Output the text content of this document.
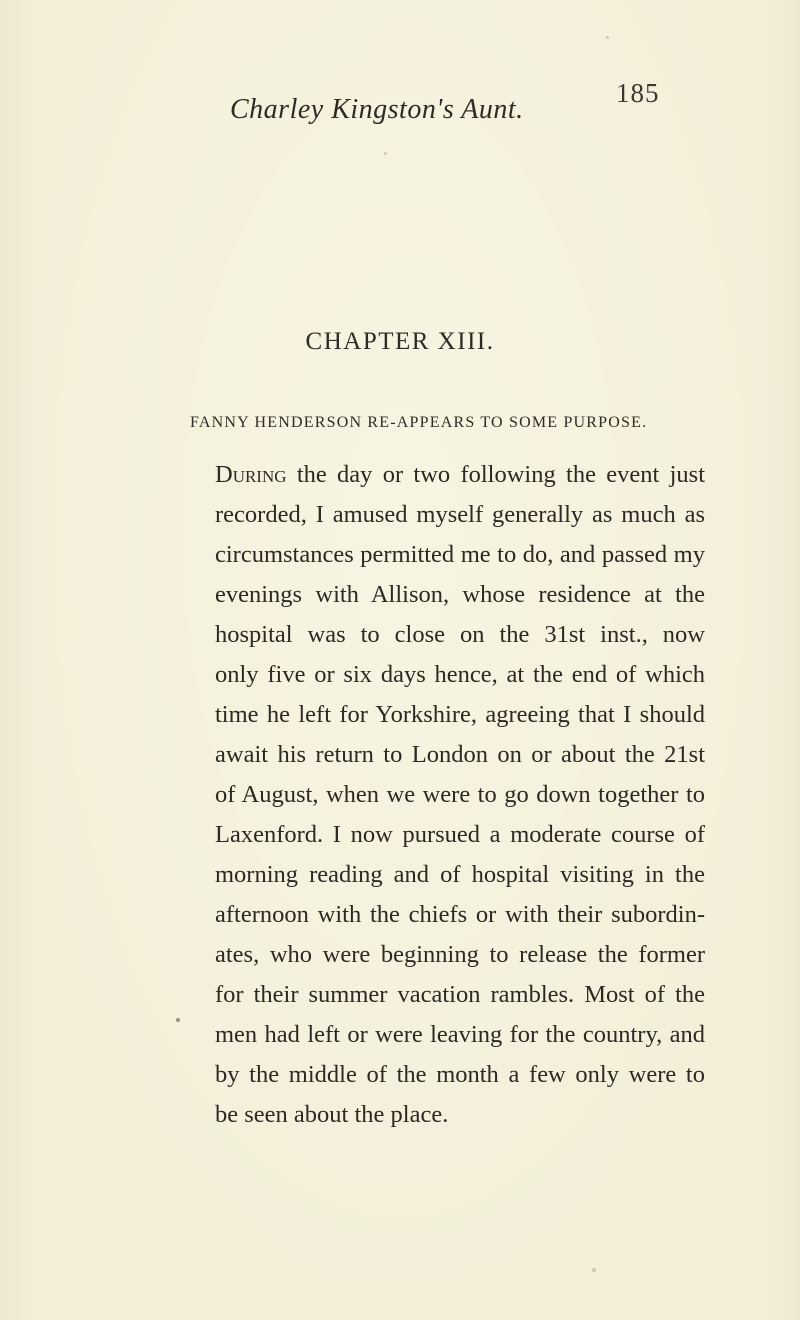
Charley Kingston's Aunt.
185
CHAPTER XIII.
FANNY HENDERSON RE-APPEARS TO SOME PURPOSE.
During the day or two following the event just
recorded, I amused myself generally as much as
circumstances permitted me to do, and passed my
evenings with Allison, whose residence at the
hospital was to close on the 31st inst., now
only five or six days hence, at the end of which
time he left for Yorkshire, agreeing that I should
await his return to London on or about the 21st
of August, when we were to go down together to
Laxenford. I now pursued a moderate course of
morning reading and of hospital visiting in the
afternoon with the chiefs or with their subordin-
ates, who were beginning to release the former
for their summer vacation rambles. Most of the
men had left or were leaving for the country, and
by the middle of the month a few only were to
be seen about the place.
